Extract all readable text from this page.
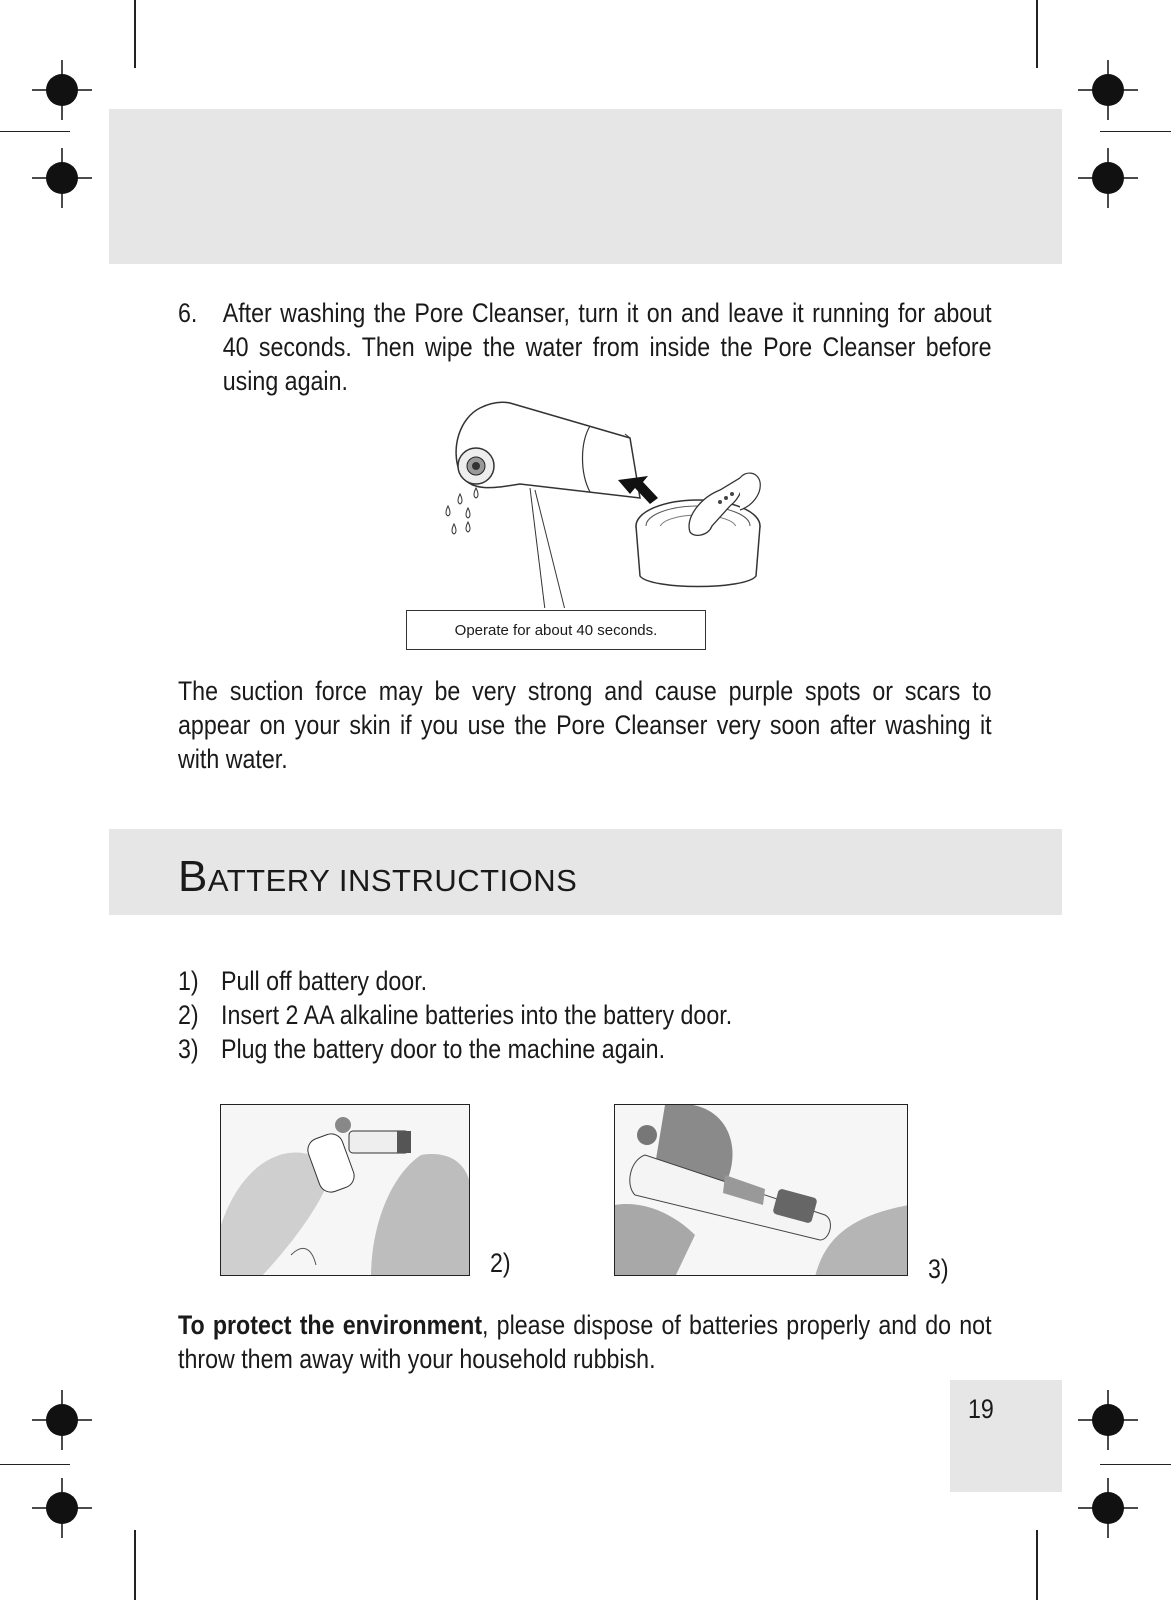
6. After washing the Pore Cleanser, turn it on and leave it running for about 40 seconds. Then wipe the water from inside the Pore Cleanser before using again.
Operate for about 40 seconds.
The suction force may be very strong and cause purple spots or scars to appear on your skin if you use the Pore Cleanser very soon after washing it with water.
BATTERY INSTRUCTIONS
1) Pull off battery door.
2) Insert 2 AA alkaline batteries into the battery door.
3) Plug the battery door to the machine again.
2)	3)
To protect the environment, please dispose of batteries properly and do not throw them away with your household rubbish.
19
